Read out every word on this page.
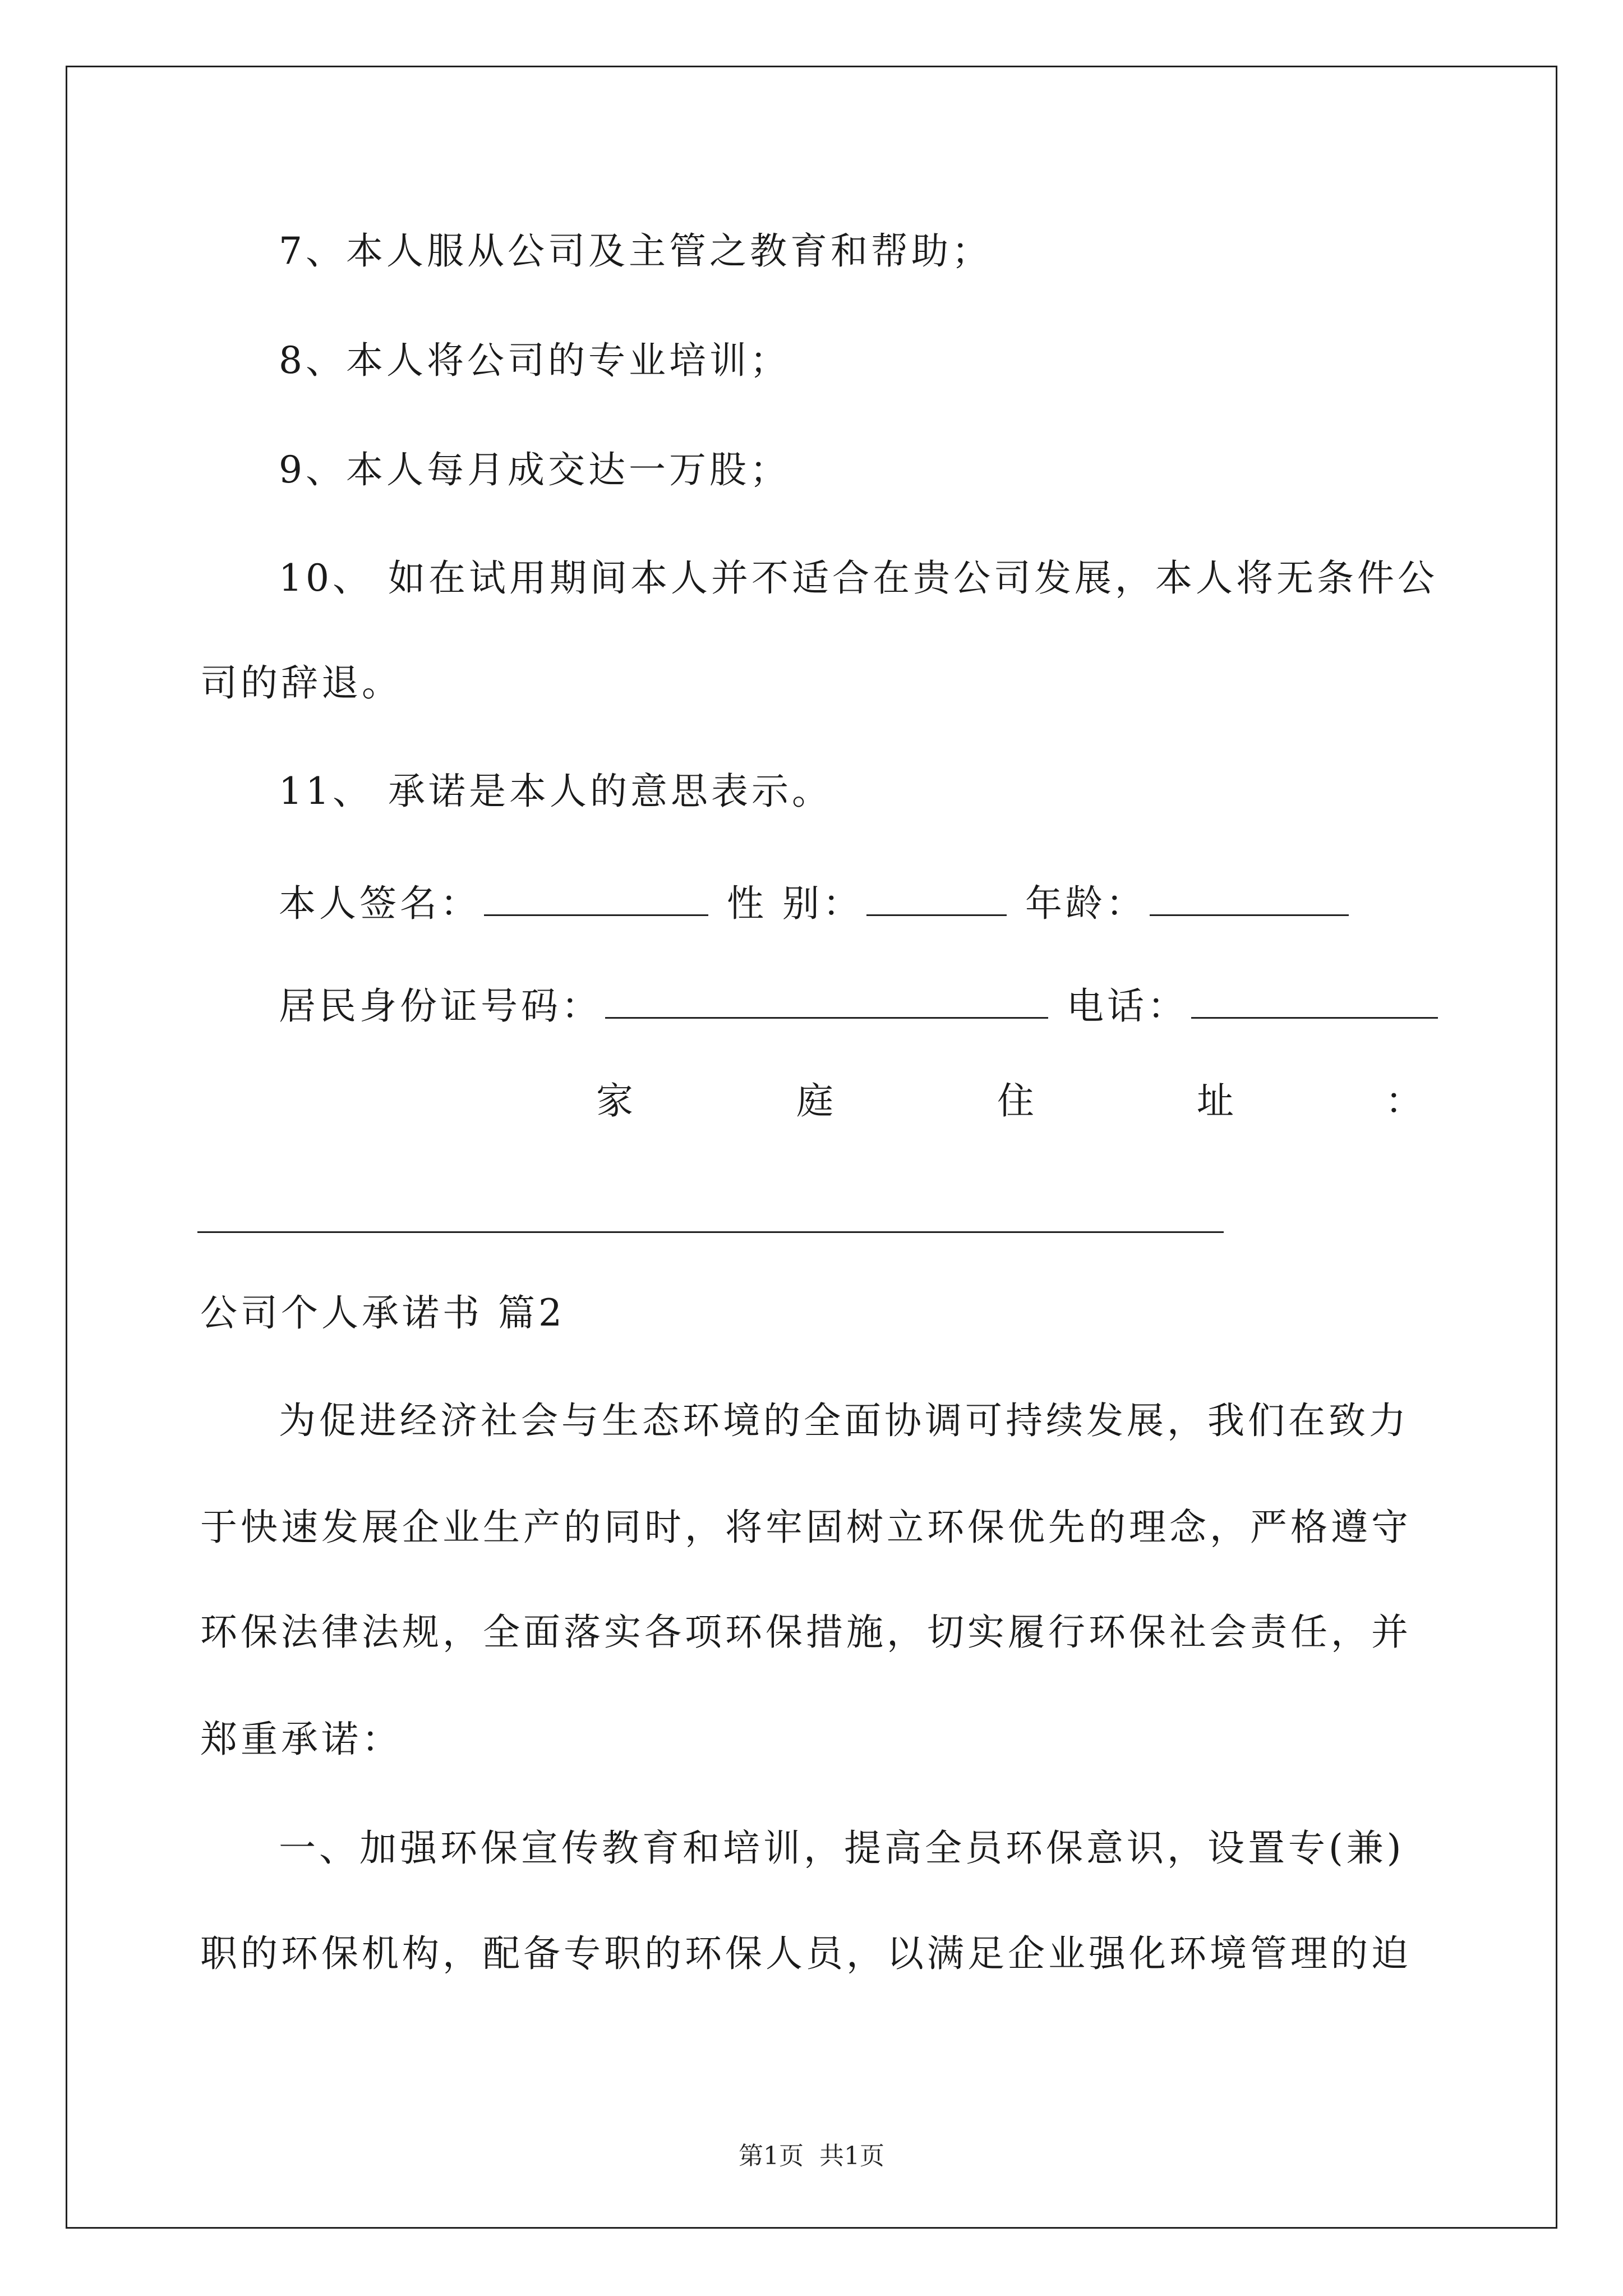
7、本人服从公司及主管之教育和帮助；
8、本人将公司的专业培训；
9、本人每月成交达一万股；
10、 如在试用期间本人并不适合在贵公司发展，本人将无条件公
司的辞退。
11、 承诺是本人的意思表示。
本人签名：	性 别：	年龄：
居民身份证号码：	电话：
家	庭	住	址	：
公司个人承诺书 篇2
为促进经济社会与生态环境的全面协调可持续发展，我们在致力
于快速发展企业生产的同时，将牢固树立环保优先的理念，严格遵守
环保法律法规，全面落实各项环保措施，切实履行环保社会责任，并
郑重承诺：
一、加强环保宣传教育和培训，提高全员环保意识，设置专(兼)
职的环保机构，配备专职的环保人员，以满足企业强化环境管理的迫
第1页 共1页
